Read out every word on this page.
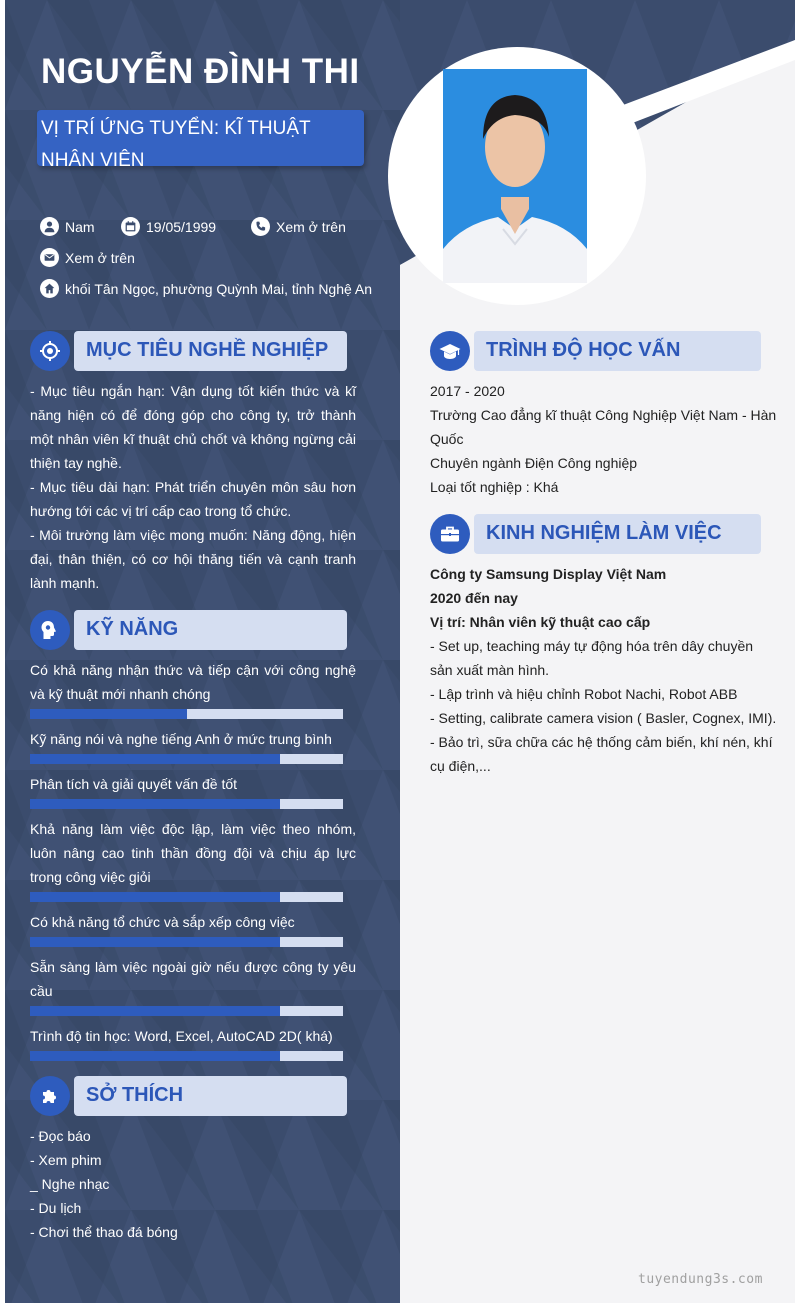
NGUYỄN ĐÌNH THI
VỊ TRÍ ỨNG TUYỂN: KĨ THUẬT NHÂN VIÊN
Nam	19/05/1999	Xem ở trên
Xem ở trên
khối Tân Ngọc, phường Quỳnh Mai, tỉnh Nghệ An
MỤC TIÊU NGHỀ NGHIỆP

- Mục tiêu ngắn hạn: Vận dụng tốt kiến thức và kĩ năng hiện có để đóng góp cho công ty, trở thành một nhân viên kĩ thuật chủ chốt và không ngừng cải thiện tay nghề.

- Mục tiêu dài hạn: Phát triển chuyên môn sâu hơn hướng tới các vị trí cấp cao trong tổ chức.

- Môi trường làm việc mong muốn: Năng động, hiện đại, thân thiện, có cơ hội thăng tiến và cạnh tranh lành mạnh.

KỸ NĂNG
Có khả năng nhận thức và tiếp cận với công nghệ và kỹ thuật mới nhanh chóng
Kỹ năng nói và nghe tiếng Anh ở mức trung bình
Phân tích và giải quyết vấn đề tốt
Khả năng làm việc độc lập, làm việc theo nhóm, luôn nâng cao tinh thần đồng đội và chịu áp lực trong công việc giỏi
Có khả năng tổ chức và sắp xếp công việc
Sẵn sàng làm việc ngoài giờ nếu được công ty yêu cầu
Trình độ tin học: Word, Excel, AutoCAD 2D( khá)
SỞ THÍCH

- Đọc báo

- Xem phim

_ Nghe nhạc

- Du lịch

- Chơi thể thao đá bóng

TRÌNH ĐỘ HỌC VẤN

2017 - 2020

Trường Cao đẳng kĩ thuật Công Nghiệp Việt Nam - Hàn Quốc

Chuyên ngành Điện Công nghiệp

Loại tốt nghiệp : Khá

KINH NGHIỆM LÀM VIỆC

Công ty Samsung Display Việt Nam

2020 đến nay

Vị trí: Nhân viên kỹ thuật cao cấp

- Set up, teaching máy tự động hóa trên dây chuyền sản xuất màn hình.

- Lập trình và hiệu chỉnh Robot Nachi, Robot ABB

- Setting, calibrate camera vision ( Basler, Cognex, IMI).

- Bảo trì, sữa chữa các hệ thống cảm biến, khí nén, khí cụ điện,...

tuyendung3s.com
